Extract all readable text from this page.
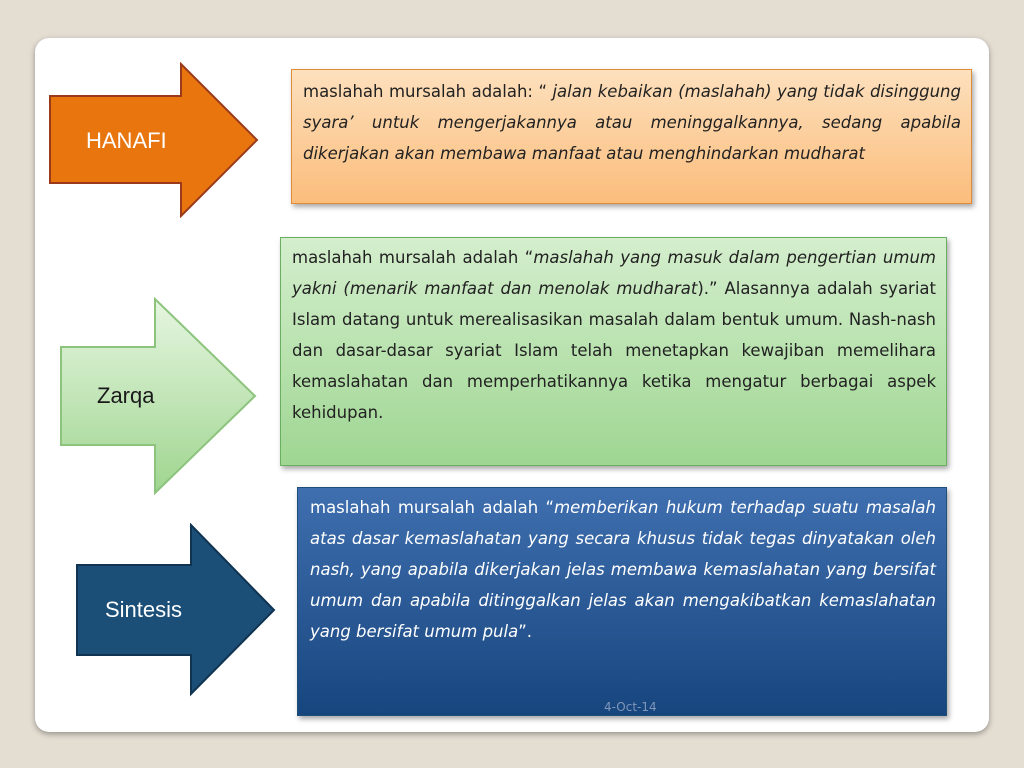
HANAFI
Zarqa
Sintesis
maslahah mursalah adalah: “ jalan kebaikan (maslahah) yang tidak disinggung syara’ untuk mengerjakannya atau meninggalkannya, sedang apabila dikerjakan akan membawa manfaat atau menghindarkan mudharat
maslahah mursalah adalah “maslahah yang masuk dalam pengertian umum yakni (menarik manfaat dan menolak mudharat).” Alasannya adalah syariat Islam datang untuk merealisasikan masalah dalam bentuk umum. Nash-nash dan dasar-dasar syariat Islam telah menetapkan kewajiban memelihara kemaslahatan dan memperhatikannya ketika mengatur berbagai aspek kehidupan.
maslahah mursalah adalah “memberikan hukum terhadap suatu masalah atas dasar kemaslahatan yang secara khusus tidak tegas dinyatakan oleh nash, yang apabila dikerjakan jelas membawa kemaslahatan yang bersifat umum dan apabila ditinggalkan jelas akan mengakibatkan kemaslahatan yang bersifat umum pula”.
4-Oct-14
